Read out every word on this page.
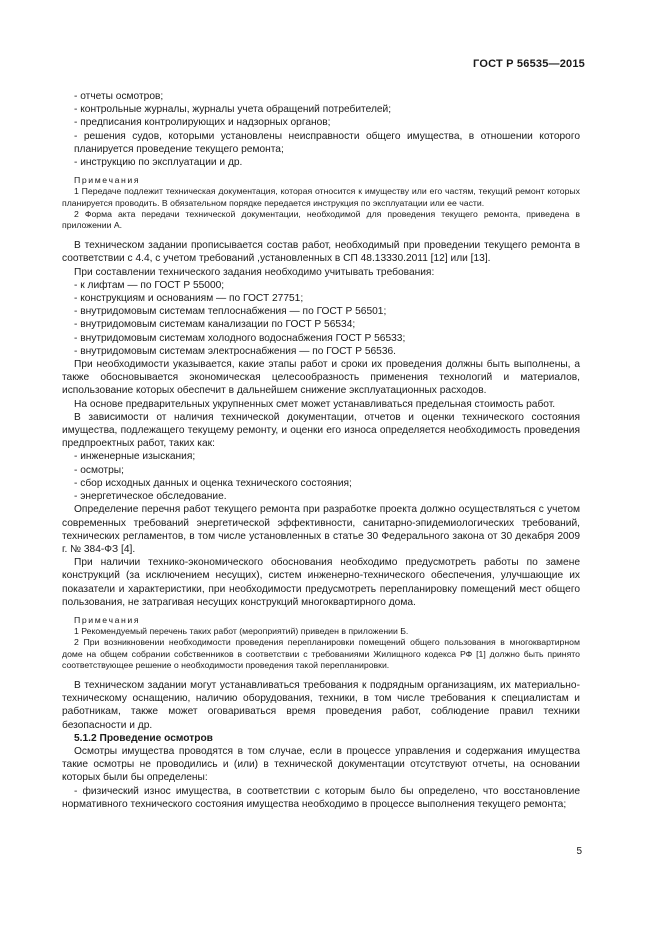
ГОСТ Р 56535—2015

- отчеты осмотров;

- контрольные журналы, журналы учета обращений потребителей;

- предписания контролирующих и надзорных органов;

- решения судов, которыми установлены неисправности общего имущества, в отношении которого планируется проведение текущего ремонта;

- инструкцию по эксплуатации и др.

Примечания

1 Передаче подлежит техническая документация, которая относится к имуществу или его частям, текущий ремонт которых планируется проводить. В обязательном порядке передается инструкция по эксплуатации или ее части.

2 Форма акта передачи технической документации, необходимой для проведения текущего ремонта, приведена в приложении А.

В техническом задании прописывается состав работ, необходимый при проведении текущего ремонта в соответствии с 4.4, с учетом требований ,установленных в СП 48.13330.2011 [12] или [13].

При составлении технического задания необходимо учитывать требования:

- к лифтам — по ГОСТ Р 55000;

- конструкциям и основаниям — по ГОСТ 27751;

- внутридомовым системам теплоснабжения — по ГОСТ Р 56501;

- внутридомовым системам канализации по ГОСТ Р 56534;

- внутридомовым системам холодного водоснабжения ГОСТ Р 56533;

- внутридомовым системам электроснабжения — по ГОСТ Р 56536.

При необходимости указывается, какие этапы работ и сроки их проведения должны быть выполнены, а также обосновывается экономическая целесообразность применения технологий и материалов, использование которых обеспечит в дальнейшем снижение эксплуатационных расходов.

На основе предварительных укрупненных смет может устанавливаться предельная стоимость работ.

В зависимости от наличия технической документации, отчетов и оценки технического состояния имущества, подлежащего текущему ремонту, и оценки его износа определяется необходимость проведения предпроектных работ, таких как:

- инженерные изыскания;

- осмотры;

- сбор исходных данных и оценка технического состояния;

- энергетическое обследование.

Определение перечня работ текущего ремонта при разработке проекта должно осуществляться с учетом современных требований энергетической эффективности, санитарно-эпидемиологических требований, технических регламентов, в том числе установленных в статье 30 Федерального закона от 30 декабря 2009 г. № 384-ФЗ [4].

При наличии технико-экономического обоснования необходимо предусмотреть работы по замене конструкций (за исключением несущих), систем инженерно-технического обеспечения, улучшающие их показатели и характеристики, при необходимости предусмотреть перепланировку помещений мест общего пользования, не затрагивая несущих конструкций многоквартирного дома.

Примечания

1 Рекомендуемый перечень таких работ (мероприятий) приведен в приложении Б.

2 При возникновении необходимости проведения перепланировки помещений общего пользования в многоквартирном доме на общем собрании собственников в соответствии с требованиями Жилищного кодекса РФ [1] должно быть принято соответствующее решение о необходимости проведения такой перепланировки.

В техническом задании могут устанавливаться требования к подрядным организациям, их материально-техническому оснащению, наличию оборудования, техники, в том числе требования к специалистам и работникам, также может оговариваться время проведения работ, соблюдение правил техники безопасности и др.

5.1.2 Проведение осмотров

Осмотры имущества проводятся в том случае, если в процессе управления и содержания имущества такие осмотры не проводились и (или) в технической документации отсутствуют отчеты, на основании которых были бы определены:

- физический износ имущества, в соответствии с которым было бы определено, что восстановление нормативного технического состояния имущества необходимо в процессе выполнения текущего ремонта;

5
